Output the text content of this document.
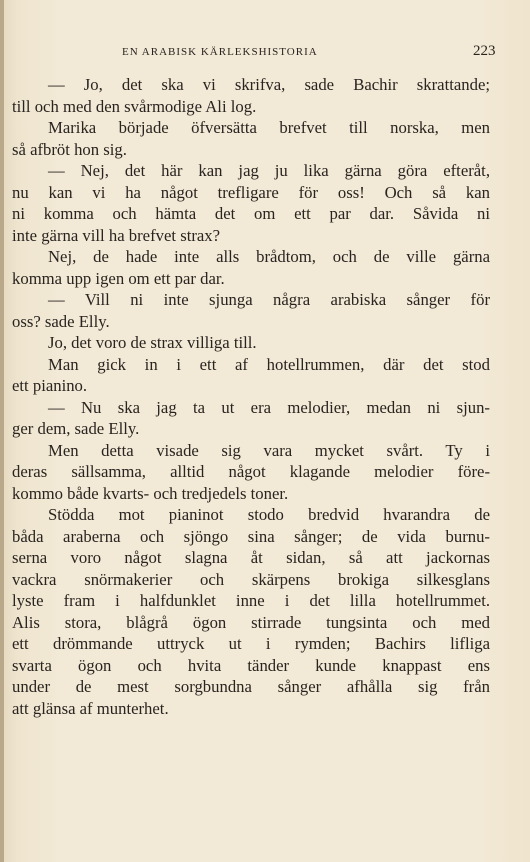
EN ARABISK KÄRLEKSHISTORIA	223
— Jo, det ska vi skrifva, sade Bachir skrattande;
till och med den svårmodige Ali log.
Marika började öfversätta brefvet till norska, men
så afbröt hon sig.
— Nej, det här kan jag ju lika gärna göra efteråt,
nu kan vi ha något trefligare för oss! Och så kan
ni komma och hämta det om ett par dar. Såvida ni
inte gärna vill ha brefvet strax?
Nej, de hade inte alls brådtom, och de ville gärna
komma upp igen om ett par dar.
— Vill ni inte sjunga några arabiska sånger för
oss? sade Elly.
Jo, det voro de strax villiga till.
Man gick in i ett af hotellrummen, där det stod
ett pianino.
— Nu ska jag ta ut era melodier, medan ni sjun-
ger dem, sade Elly.
Men detta visade sig vara mycket svårt. Ty i
deras sällsamma, alltid något klagande melodier före-
kommo både kvarts- och tredjedels toner.
Stödda mot pianinot stodo bredvid hvarandra de
båda araberna och sjöngo sina sånger; de vida burnu-
serna voro något slagna åt sidan, så att jackornas
vackra snörmakerier och skärpens brokiga silkesglans
lyste fram i halfdunklet inne i det lilla hotellrummet.
Alis stora, blågrå ögon stirrade tungsinta och med
ett drömmande uttryck ut i rymden; Bachirs lifliga
svarta ögon och hvita tänder kunde knappast ens
under de mest sorgbundna sånger afhålla sig från
att glänsa af munterhet.
